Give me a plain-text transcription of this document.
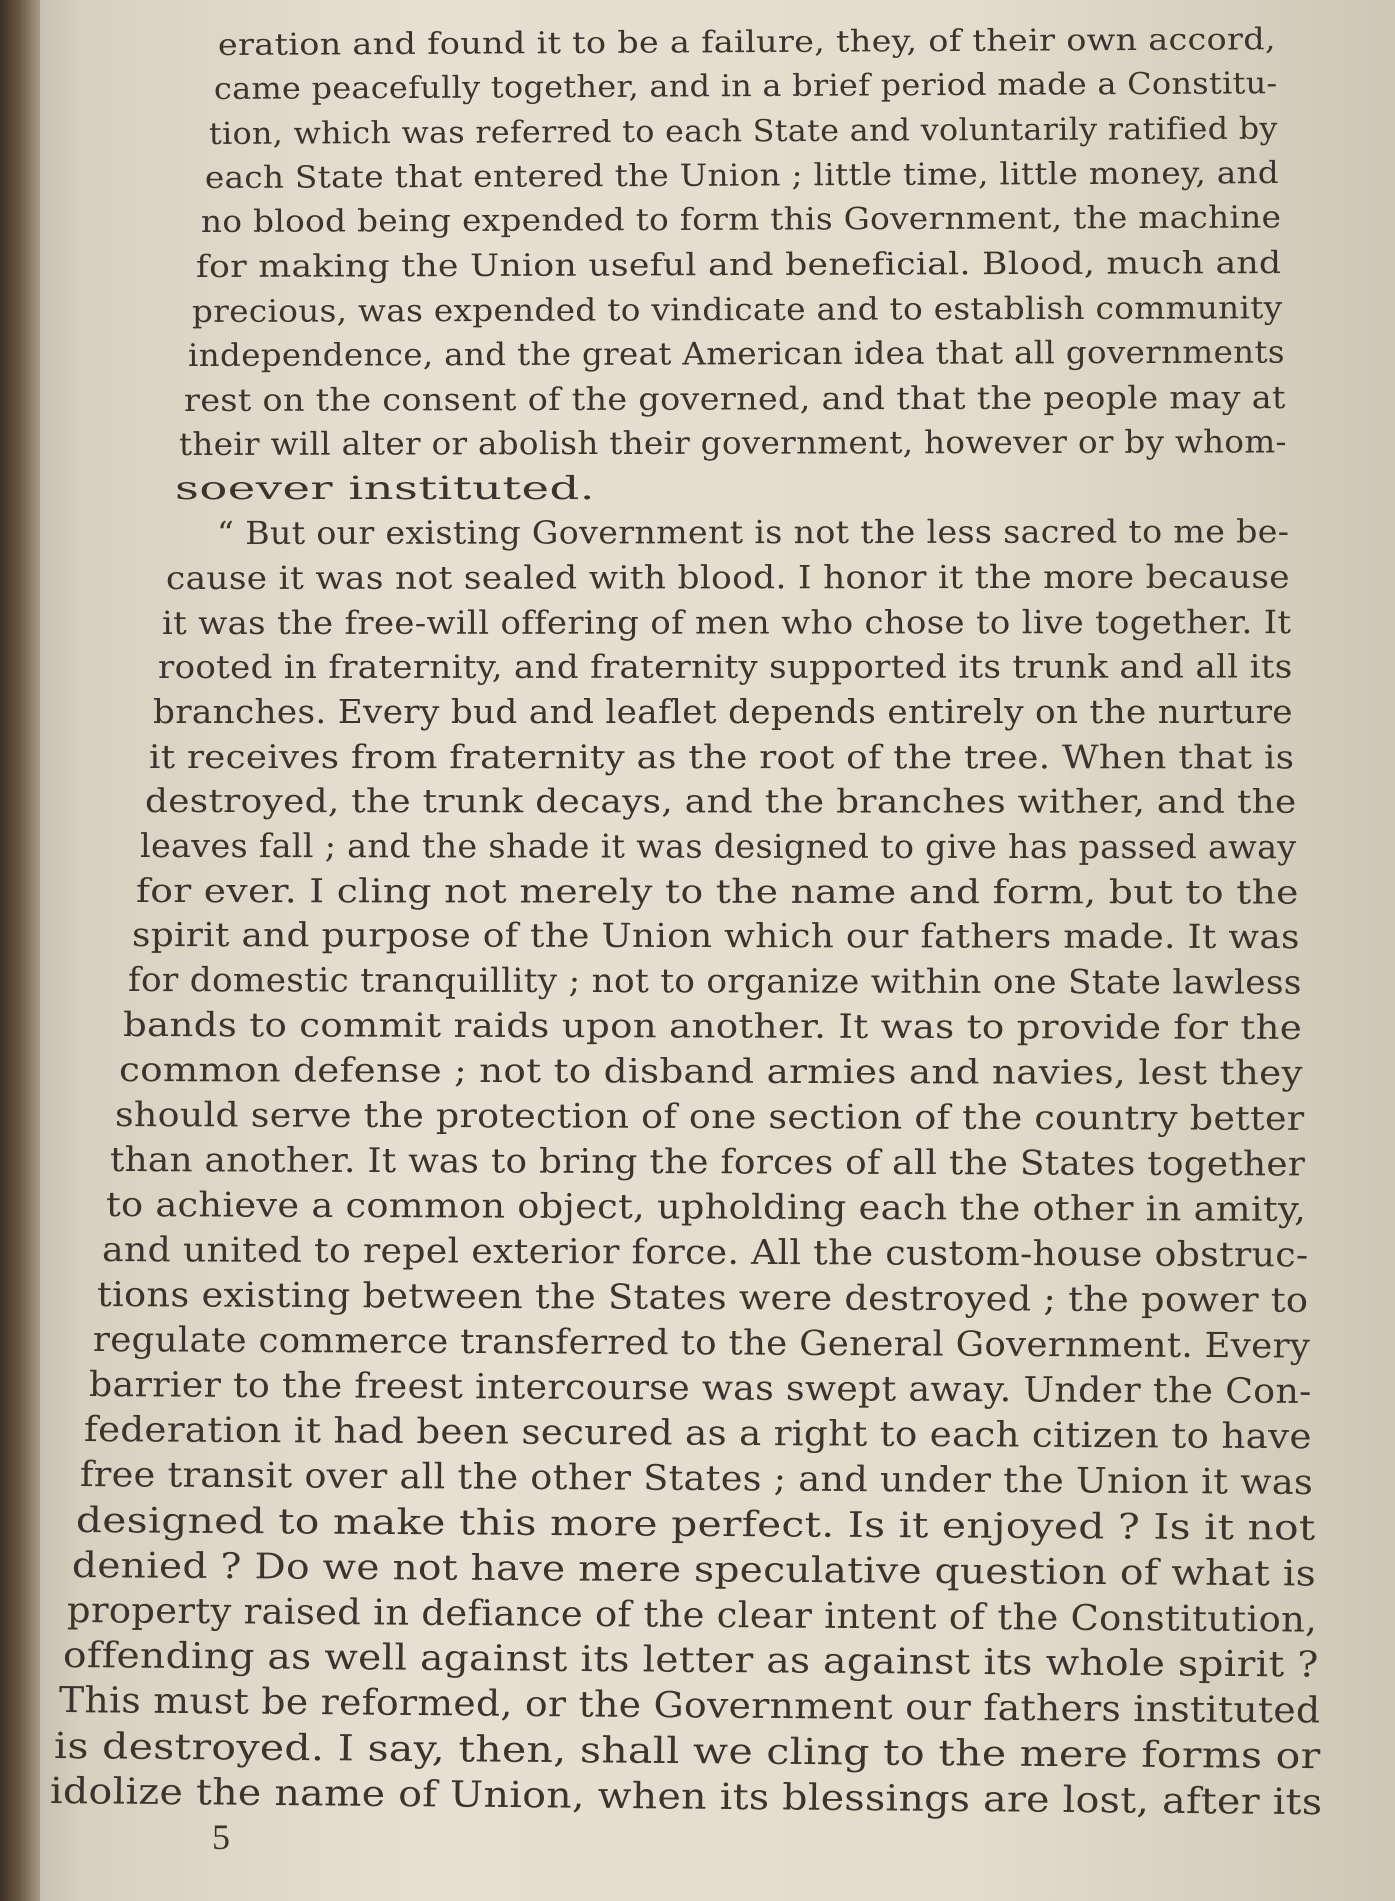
eration and found it to be a failure, they, of their own accord,
came peacefully together, and in a brief period made a Constitu-
tion, which was referred to each State and voluntarily ratified by
each State that entered the Union ; little time, little money, and
no blood being expended to form this Government, the machine
for making the Union useful and beneficial. Blood, much and
precious, was expended to vindicate and to establish community
independence, and the great American idea that all governments
rest on the consent of the governed, and that the people may at
their will alter or abolish their government, however or by whom-
soever instituted.
“ But our existing Government is not the less sacred to me be-
cause it was not sealed with blood. I honor it the more because
it was the free-will offering of men who chose to live together. It
rooted in fraternity, and fraternity supported its trunk and all its
branches. Every bud and leaflet depends entirely on the nurture
it receives from fraternity as the root of the tree. When that is
destroyed, the trunk decays, and the branches wither, and the
leaves fall ; and the shade it was designed to give has passed away
for ever. I cling not merely to the name and form, but to the
spirit and purpose of the Union which our fathers made. It was
for domestic tranquillity ; not to organize within one State lawless
bands to commit raids upon another. It was to provide for the
common defense ; not to disband armies and navies, lest they
should serve the protection of one section of the country better
than another. It was to bring the forces of all the States together
to achieve a common object, upholding each the other in amity,
and united to repel exterior force. All the custom-house obstruc-
tions existing between the States were destroyed ; the power to
regulate commerce transferred to the General Government. Every
barrier to the freest intercourse was swept away. Under the Con-
federation it had been secured as a right to each citizen to have
free transit over all the other States ; and under the Union it was
designed to make this more perfect. Is it enjoyed ? Is it not
denied ? Do we not have mere speculative question of what is
property raised in defiance of the clear intent of the Constitution,
offending as well against its letter as against its whole spirit ?
This must be reformed, or the Government our fathers instituted
is destroyed. I say, then, shall we cling to the mere forms or
idolize the name of Union, when its blessings are lost, after its
5
